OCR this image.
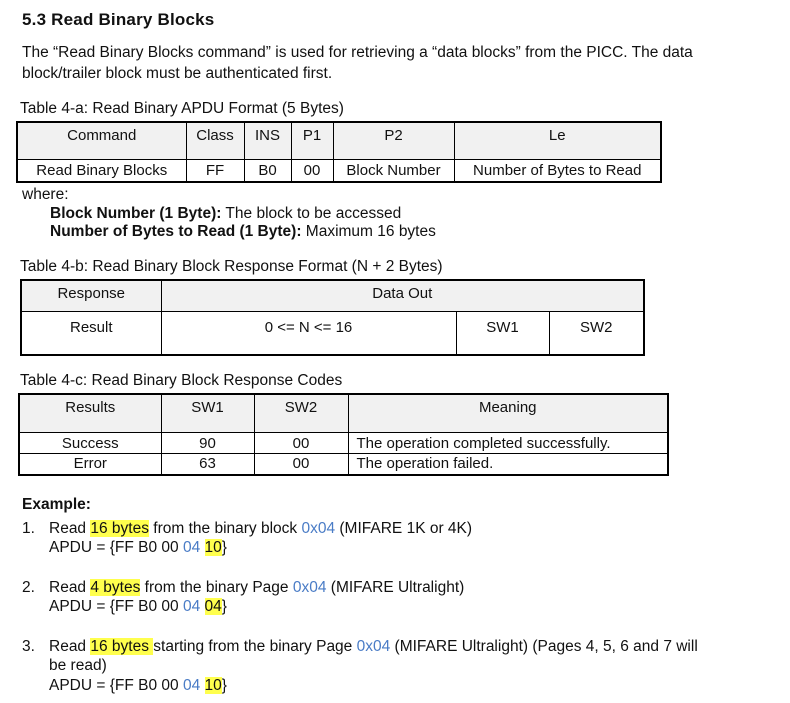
5.3 Read Binary Blocks
The “Read Binary Blocks command” is used for retrieving a “data blocks” from the PICC. The data
block/trailer block must be authenticated first.
Table 4-a: Read Binary APDU Format (5 Bytes)
Command	Class	INS	P1	P2	Le
Read Binary Blocks	FF	B0	00	Block Number	Number of Bytes to Read
where:
Block Number (1 Byte): The block to be accessed
Number of Bytes to Read (1 Byte): Maximum 16 bytes
Table 4-b: Read Binary Block Response Format (N + 2 Bytes)
Response	Data Out		
Result	0 <= N <= 16	SW1	SW2
Table 4-c: Read Binary Block Response Codes
Results	SW1	SW2	Meaning
Success	90	00	The operation completed successfully.
Error	63	00	The operation failed.
Example:
1. Read 16 bytes from the binary block 0x04 (MIFARE 1K or 4K)
APDU = {FF B0 00 04 10}
2. Read 4 bytes from the binary Page 0x04 (MIFARE Ultralight)
APDU = {FF B0 00 04 04}
3. Read 16 bytes starting from the binary Page 0x04 (MIFARE Ultralight) (Pages 4, 5, 6 and 7 will
be read)
APDU = {FF B0 00 04 10}
